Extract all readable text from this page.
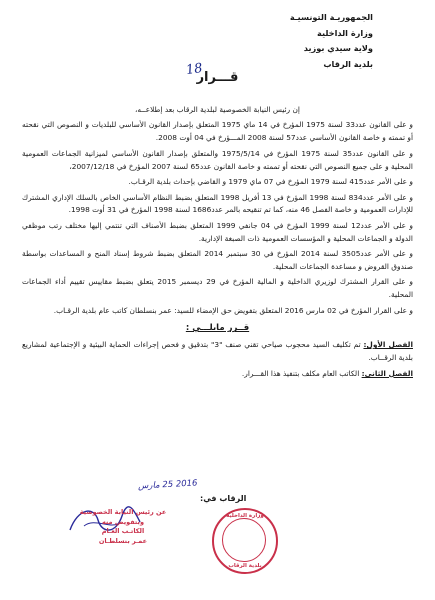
الجمهوريـة التونسيـة
وزارة الداخلية
ولاية سيدي بوزيد
بلدية الرقاب
قـــرار
18

إن رئيس النيابة الخصوصية لبلدية الرقاب بعد إطلاعــه،

و على القانون عدد33 لسنة 1975 المؤرخ في 14 ماي 1975 المتعلق بإصدار القانون الأساسي للبلديات و النصوص التي نقحته أو تممته و خاصة القانون الأساسي عدد57 لسنة 2008 المـــؤرخ في 04 أوت 2008.

و على القانون عدد35 لسنة 1975 المؤرخ في 1975/5/14 والمتعلق بإصدار القانون الأساسي لميزانية الجماعات العمومية المحلية و على جميع النصوص التي نقحته أو تممته و خاصة القانون عدد65 لسنة 2007 المؤرخ في 2007/12/18،

و على الأمر عدد415 لسنة 1979 المؤرخ في 07 ماي 1979 و القاضي بإحداث بلدية الرقـاب.

و على الأمر عدد834 لسنة 1998 المؤرخ في 13 أفريل 1998 المتعلق بضبط النظام الأساسي الخاص بالسلك الإداري المشترك للإدارات العمومية و خاصة الفصل 46 منه، كما تم تنقيحه بالمر عدد1686 لسنة 1998 المؤرخ في 31 أوت 1998.

و على الأمر عدد12 لسنة 1999 المؤرخ في 04 جانفي 1999 المتعلق بضبط الأصناف التي تنتمي إليها مختلف رتب موظفي الدولة و الجماعات المحلية و المؤسسات العمومية ذات الصبغة الإدارية.

و على الأمر عدد3505 لسنة 2014 المؤرخ في 30 سبتمبر 2014 المتعلق بضبط شروط إسناد المنح و المساعدات بواسطة صندوق القروض و مساعدة الجماعات المحلية.

و على القرار المشترك لوزيري الداخلية و المالية المؤرخ في 29 ديسمبر 2015 يتعلق بضبط مقاييس تقييم أداء الجماعات المحلية.

و على القرار المؤرخ في 02 مارس 2016 المتعلق بتفويض حق الإمضاء للسيد: عمر بنسلطان كاتب عام بلدية الرقـاب.

قــرر مايلـــي :

الفصل الأول: تم تكليف السيد محجوب صياحي تقني صنف "3" بتدقيق و فحص إجراءات الحماية البيئية و الإجتماعية لمشاريع بلدية الرقــاب.

الفصل الثاني: الكاتب العام مكلف بتنفيذ هذا القـــرار.

الرقاب في:
2016 25 مارس
عن رئيس النيابة الخصوصية
وبتفويض منه
الكاتـب العـام
عمـر بنسلطـان
وزارة الداخلية
بلدية الرقاب
